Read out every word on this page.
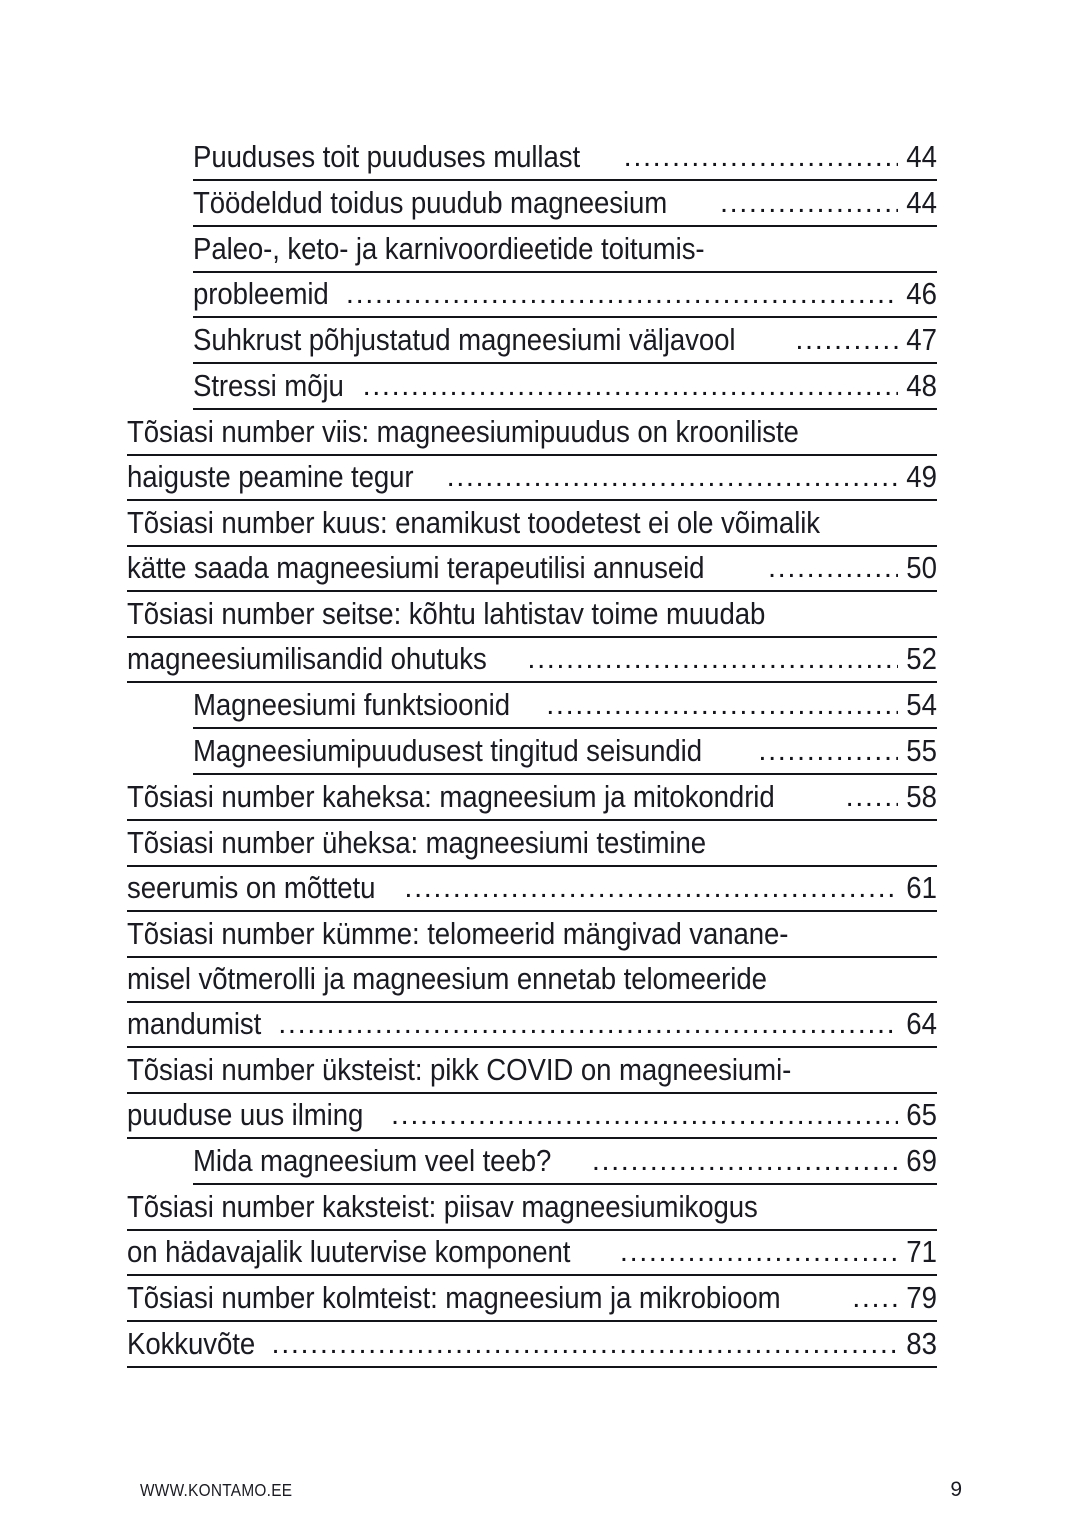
Puuduses toit puuduses mullast .....	44
Töödeldud toidus puudub magneesium .....	44
Paleo-, keto- ja karnivoordieetide toitumis-
probleemid .....	46
Suhkrust põhjustatud magneesiumi väljavool .....	47
Stressi mõju .....	48
Tõsiasi number viis: magneesiumipuudus on krooniliste
haiguste peamine tegur .....	49
Tõsiasi number kuus: enamikust toodetest ei ole võimalik
kätte saada magneesiumi terapeutilisi annuseid .....	50
Tõsiasi number seitse: kõhtu lahtistav toime muudab
magneesiumilisandid ohutuks .....	52
Magneesiumi funktsioonid .....	54
Magneesiumipuudusest tingitud seisundid .....	55
Tõsiasi number kaheksa: magneesium ja mitokondrid .....	58
Tõsiasi number üheksa: magneesiumi testimine
seerumis on mõttetu .....	61
Tõsiasi number kümme: telomeerid mängivad vanane-
misel võtmerolli ja magneesium ennetab telomeeride
mandumist .....	64
Tõsiasi number üksteist: pikk COVID on magneesiumi-
puuduse uus ilming .....	65
Mida magneesium veel teeb? .....	69
Tõsiasi number kaksteist: piisav magneesiumikogus
on hädavajalik luutervise komponent .....	71
Tõsiasi number kolmteist: magneesium ja mikrobioom .....	79
Kokkuvõte .....	83
WWW.KONTAMO.EE	9
